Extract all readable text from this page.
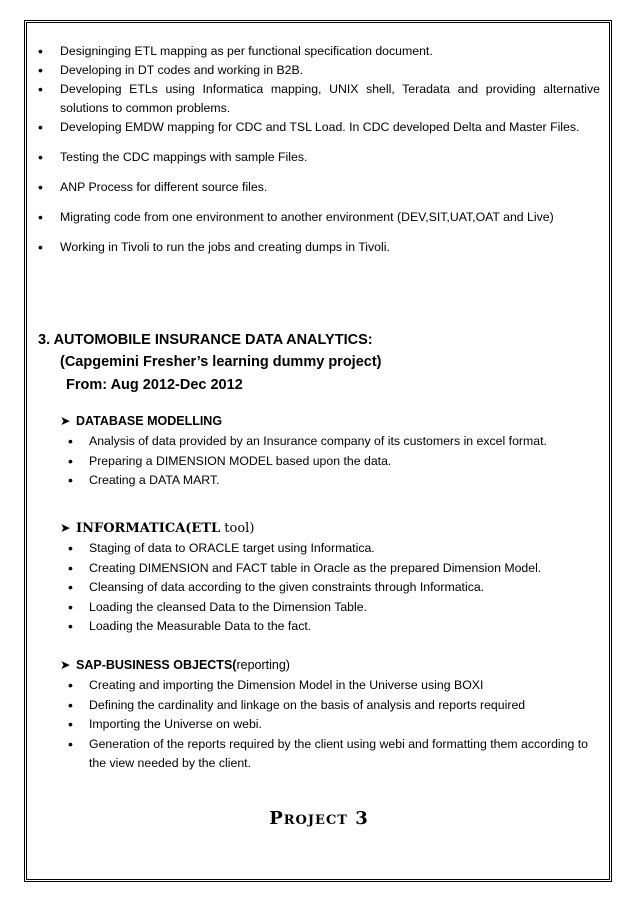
• Designinging ETL mapping as per functional specification document.
• Developing in DT codes and working in B2B.
• Developing ETLs using Informatica mapping, UNIX shell, Teradata and providing alternative solutions to common problems.
• Developing EMDW mapping for CDC and TSL Load. In CDC developed Delta and Master Files.
• Testing the CDC mappings with sample Files.
• ANP Process for different source files.
• Migrating code from one environment to another environment (DEV,SIT,UAT,OAT and Live)
• Working in Tivoli to run the jobs and creating dumps in Tivoli.
3. AUTOMOBILE INSURANCE DATA ANALYTICS:
(Capgemini Fresher’s learning dummy project)
From: Aug 2012-Dec 2012
➤ DATABASE MODELLING
• Analysis of data provided by an Insurance company of its customers in excel format.
• Preparing a DIMENSION MODEL based upon the data.
• Creating a DATA MART.
➤ INFORMATICA(ETL tool)
• Staging of data to ORACLE target using Informatica.
• Creating DIMENSION and FACT table in Oracle as the prepared Dimension Model.
• Cleansing of data according to the given constraints through Informatica.
• Loading the cleansed Data to the Dimension Table.
• Loading the Measurable Data to the fact.
➤ SAP-BUSINESS OBJECTS(reporting)
• Creating and importing the Dimension Model in the Universe using BOXI
• Defining the cardinality and linkage on the basis of analysis and reports required
• Importing the Universe on webi.
• Generation of the reports required by the client using webi and formatting them according to the view needed by the client.
Project 3
